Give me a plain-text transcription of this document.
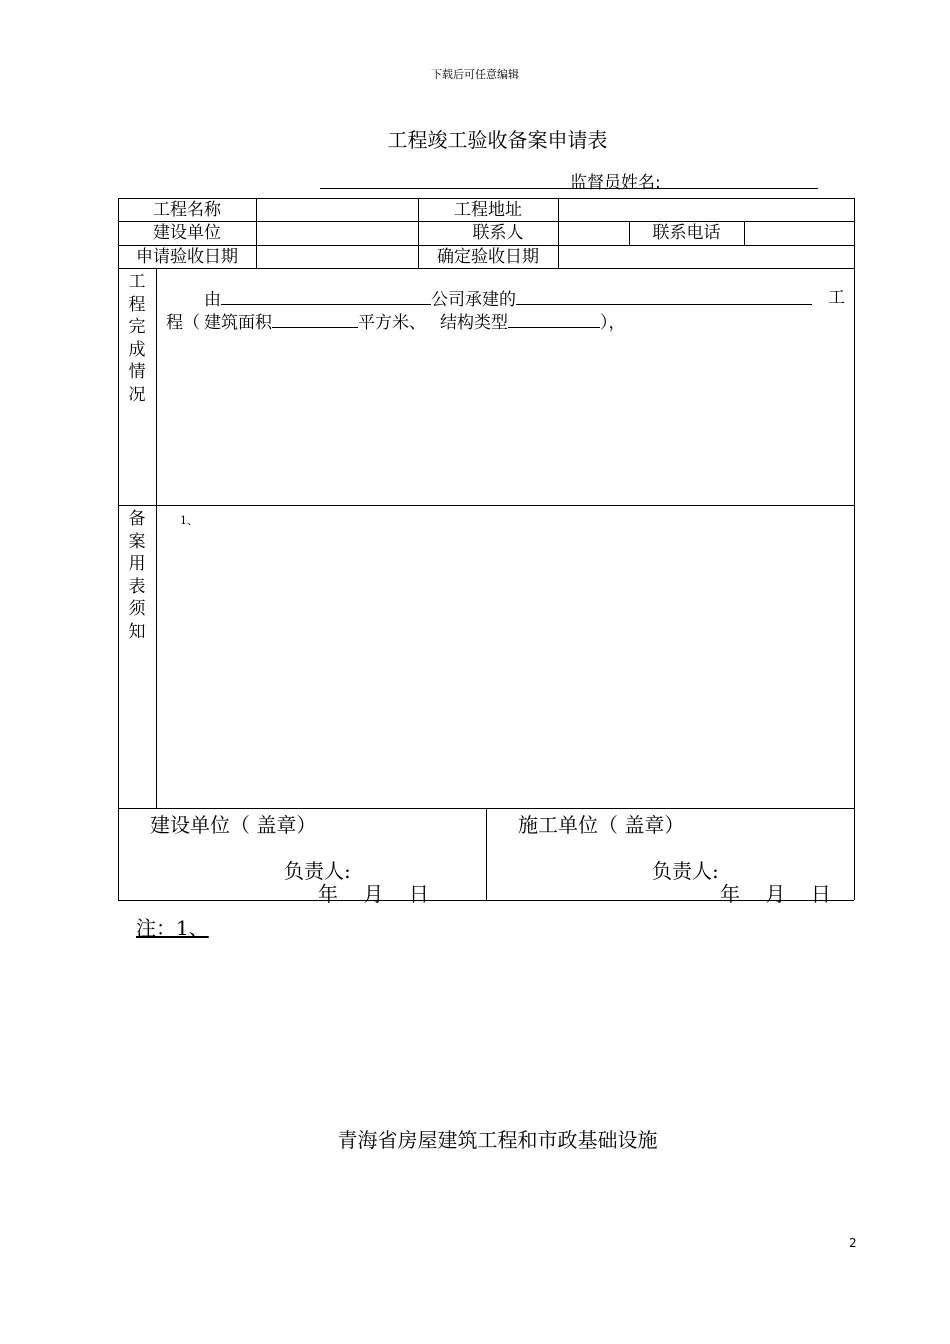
下载后可任意编辑
工程竣工验收备案申请表
监督员姓名:
工程名称	工程地址
建设单位	联系人	联系电话
申请验收日期	确定验收日期
工程完成情况
由	公司承建的	工
程（ 建筑面积	平方米、 结构类型	），
备案用表须知
1、
建设单位（ 盖章）
负责人:
年    月    日
施工单位（ 盖章）
负责人:
年    月    日
注：1、
青海省房屋建筑工程和市政基础设施
2
